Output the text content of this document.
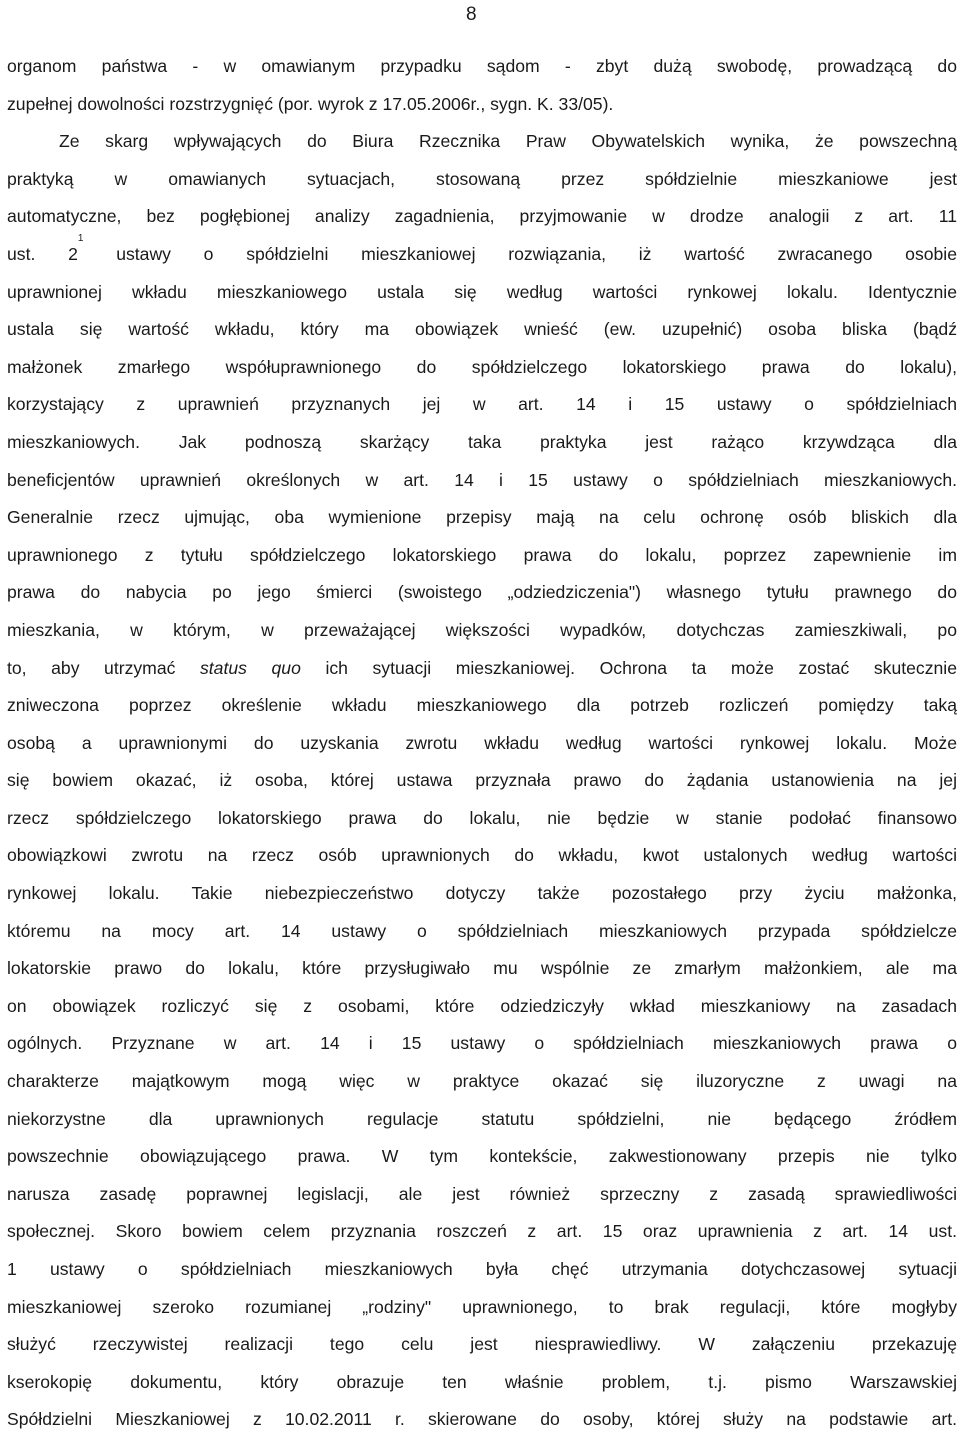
8
organom państwa - w omawianym przypadku sądom - zbyt dużą swobodę, prowadzącą do
zupełnej dowolności rozstrzygnięć (por. wyrok z 17.05.2006r., sygn. K. 33/05).
Ze skarg wpływających do Biura Rzecznika Praw Obywatelskich wynika, że powszechną
praktyką w omawianych sytuacjach, stosowaną przez spółdzielnie mieszkaniowe jest
automatyczne, bez pogłębionej analizy zagadnienia, przyjmowanie w drodze analogii z art. 11
ust. 2$^1$ ustawy o spółdzielni mieszkaniowej rozwiązania, iż wartość zwracanego osobie
uprawnionej wkładu mieszkaniowego ustala się według wartości rynkowej lokalu. Identycznie
ustala się wartość wkładu, który ma obowiązek wnieść (ew. uzupełnić) osoba bliska (bądź
małżonek zmarłego współuprawnionego do spółdzielczego lokatorskiego prawa do lokalu),
korzystający z uprawnień przyznanych jej w art. 14 i 15 ustawy o spółdzielniach
mieszkaniowych. Jak podnoszą skarżący taka praktyka jest rażąco krzywdząca dla
beneficjentów uprawnień określonych w art. 14 i 15 ustawy o spółdzielniach mieszkaniowych.
Generalnie rzecz ujmując, oba wymienione przepisy mają na celu ochronę osób bliskich dla
uprawnionego z tytułu spółdzielczego lokatorskiego prawa do lokalu, poprzez zapewnienie im
prawa do nabycia po jego śmierci (swoistego „odziedziczenia") własnego tytułu prawnego do
mieszkania, w którym, w przeważającej większości wypadków, dotychczas zamieszkiwali, po
to, aby utrzymać status quo ich sytuacji mieszkaniowej. Ochrona ta może zostać skutecznie
zniweczona poprzez określenie wkładu mieszkaniowego dla potrzeb rozliczeń pomiędzy taką
osobą a uprawnionymi do uzyskania zwrotu wkładu według wartości rynkowej lokalu. Może
się bowiem okazać, iż osoba, której ustawa przyznała prawo do żądania ustanowienia na jej
rzecz spółdzielczego lokatorskiego prawa do lokalu, nie będzie w stanie podołać finansowo
obowiązkowi zwrotu na rzecz osób uprawnionych do wkładu, kwot ustalonych według wartości
rynkowej lokalu. Takie niebezpieczeństwo dotyczy także pozostałego przy życiu małżonka,
któremu na mocy art. 14 ustawy o spółdzielniach mieszkaniowych przypada spółdzielcze
lokatorskie prawo do lokalu, które przysługiwało mu wspólnie ze zmarłym małżonkiem, ale ma
on obowiązek rozliczyć się z osobami, które odziedziczyły wkład mieszkaniowy na zasadach
ogólnych. Przyznane w art. 14 i 15 ustawy o spółdzielniach mieszkaniowych prawa o
charakterze majątkowym mogą więc w praktyce okazać się iluzoryczne z uwagi na
niekorzystne dla uprawnionych regulacje statutu spółdzielni, nie będącego źródłem
powszechnie obowiązującego prawa. W tym kontekście, zakwestionowany przepis nie tylko
narusza zasadę poprawnej legislacji, ale jest również sprzeczny z zasadą sprawiedliwości
społecznej. Skoro bowiem celem przyznania roszczeń z art. 15 oraz uprawnienia z art. 14 ust.
1 ustawy o spółdzielniach mieszkaniowych była chęć utrzymania dotychczasowej sytuacji
mieszkaniowej szeroko rozumianej „rodziny" uprawnionego, to brak regulacji, które mogłyby
służyć rzeczywistej realizacji tego celu jest niesprawiedliwy. W załączeniu przekazuję
kserokopię dokumentu, który obrazuje ten właśnie problem, t.j. pismo Warszawskiej
Spółdzielni Mieszkaniowej z 10.02.2011 r. skierowane do osoby, której służy na podstawie art.
